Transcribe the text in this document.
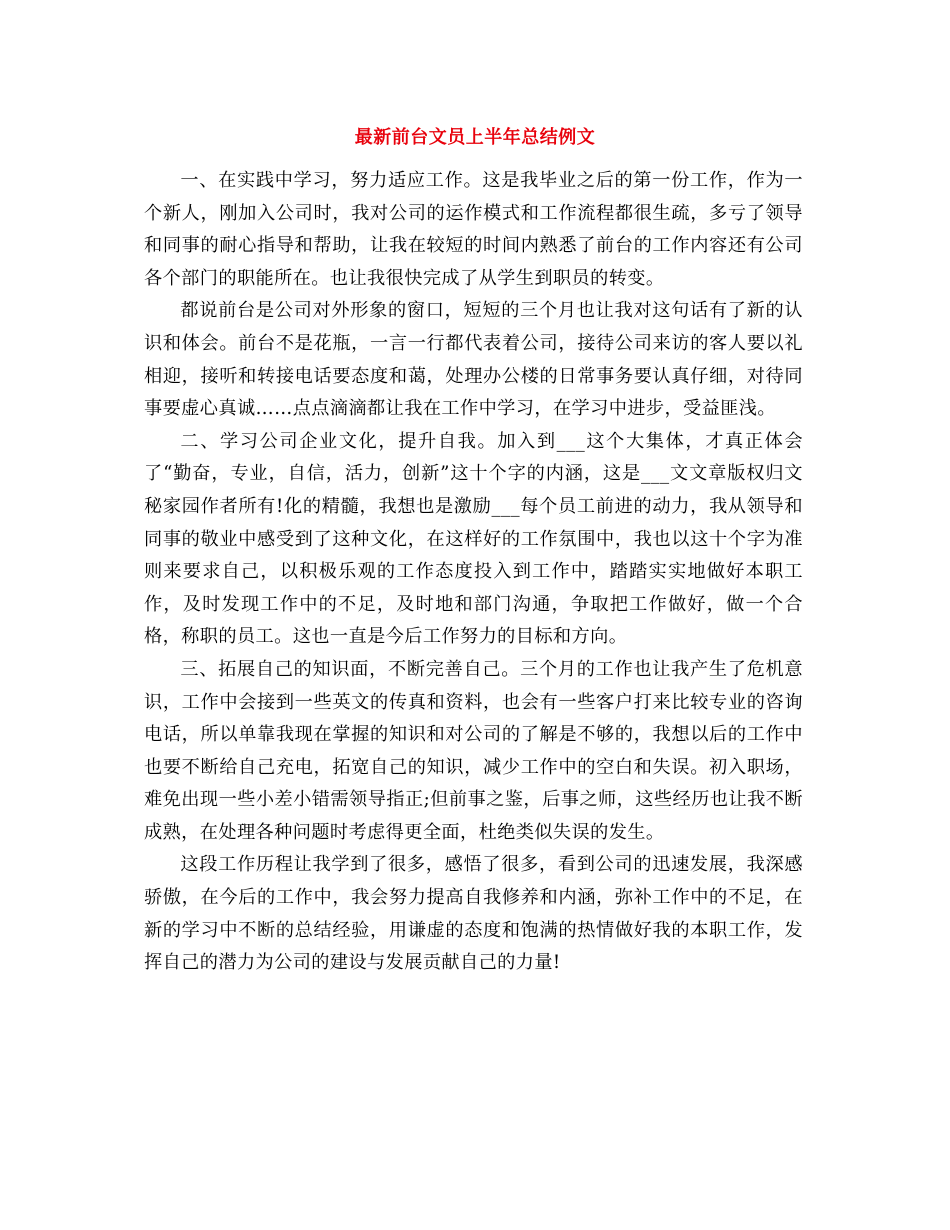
最新前台文员上半年总结例文

一、在实践中学习，努力适应工作。这是我毕业之后的第一份工作，作为一个新人，刚加入公司时，我对公司的运作模式和工作流程都很生疏，多亏了领导和同事的耐心指导和帮助，让我在较短的时间内熟悉了前台的工作内容还有公司各个部门的职能所在。也让我很快完成了从学生到职员的转变。

都说前台是公司对外形象的窗口，短短的三个月也让我对这句话有了新的认识和体会。前台不是花瓶，一言一行都代表着公司，接待公司来访的客人要以礼相迎，接听和转接电话要态度和蔼，处理办公楼的日常事务要认真仔细，对待同事要虚心真诚……点点滴滴都让我在工作中学习，在学习中进步，受益匪浅。

二、学习公司企业文化，提升自我。加入到___这个大集体，才真正体会了“勤奋，专业，自信，活力，创新”这十个字的内涵，这是___文文章版权归文秘家园作者所有!化的精髓，我想也是激励___每个员工前进的动力，我从领导和同事的敬业中感受到了这种文化，在这样好的工作氛围中，我也以这十个字为准则来要求自己，以积极乐观的工作态度投入到工作中，踏踏实实地做好本职工作，及时发现工作中的不足，及时地和部门沟通，争取把工作做好，做一个合格，称职的员工。这也一直是今后工作努力的目标和方向。

三、拓展自己的知识面，不断完善自己。三个月的工作也让我产生了危机意识，工作中会接到一些英文的传真和资料，也会有一些客户打来比较专业的咨询电话，所以单靠我现在掌握的知识和对公司的了解是不够的，我想以后的工作中也要不断给自己充电，拓宽自己的知识，减少工作中的空白和失误。初入职场，难免出现一些小差小错需领导指正;但前事之鉴，后事之师，这些经历也让我不断成熟，在处理各种问题时考虑得更全面，杜绝类似失误的发生。

这段工作历程让我学到了很多，感悟了很多，看到公司的迅速发展，我深感骄傲，在今后的工作中，我会努力提高自我修养和内涵，弥补工作中的不足，在新的学习中不断的总结经验，用谦虚的态度和饱满的热情做好我的本职工作，发挥自己的潜力为公司的建设与发展贡献自己的力量!
